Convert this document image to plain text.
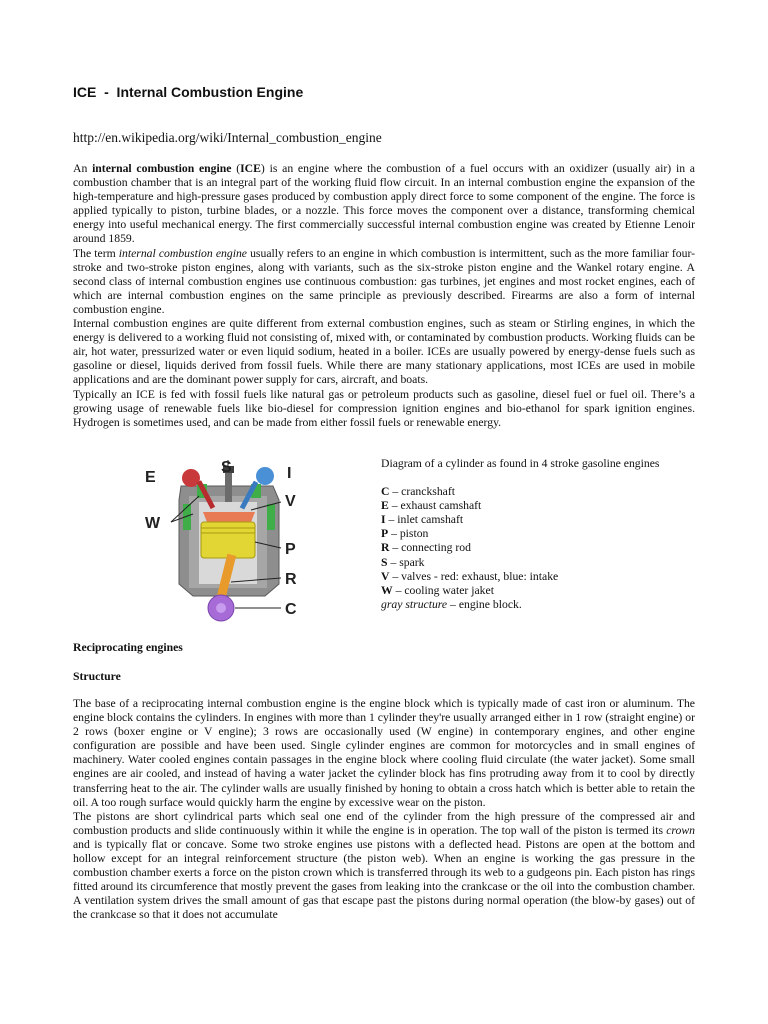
ICE  -  Internal Combustion Engine
http://en.wikipedia.org/wiki/Internal_combustion_engine

An internal combustion engine (ICE) is an engine where the combustion of a fuel occurs with an oxidizer (usually air) in a combustion chamber that is an integral part of the working fluid flow circuit. In an internal combustion engine the expansion of the high-temperature and high-pressure gases produced by combustion apply direct force to some component of the engine. The force is applied typically to piston, turbine blades, or a nozzle. This force moves the component over a distance, transforming chemical energy into useful mechanical energy. The first commercially successful internal combustion engine was created by Etienne Lenoir around 1859.

The term internal combustion engine usually refers to an engine in which combustion is intermittent, such as the more familiar four-stroke and two-stroke piston engines, along with variants, such as the six-stroke piston engine and the Wankel rotary engine. A second class of internal combustion engines use continuous combustion: gas turbines, jet engines and most rocket engines, each of which are internal combustion engines on the same principle as previously described. Firearms are also a form of internal combustion engine.

Internal combustion engines are quite different from external combustion engines, such as steam or Stirling engines, in which the energy is delivered to a working fluid not consisting of, mixed with, or contaminated by combustion products. Working fluids can be air, hot water, pressurized water or even liquid sodium, heated in a boiler. ICEs are usually powered by energy-dense fuels such as gasoline or diesel, liquids derived from fossil fuels. While there are many stationary applications, most ICEs are used in mobile applications and are the dominant power supply for cars, aircraft, and boats.

Typically an ICE is fed with fossil fuels like natural gas or petroleum products such as gasoline, diesel fuel or fuel oil. There’s a growing usage of renewable fuels like bio-diesel for compression ignition engines and bio-ethanol for spark ignition engines. Hydrogen is sometimes used, and can be made from either fossil fuels or renewable energy.

E
S	I
V
W
P
R
C

Diagram of a cylinder as found in 4 stroke gasoline engines

C – cranckshaft
E – exhaust camshaft
I – inlet camshaft
P – piston
R – connecting rod
S – spark
V – valves - red: exhaust, blue: intake
W – cooling water jaket
gray structure – engine block.
Reciprocating engines
Structure

The base of a reciprocating internal combustion engine is the engine block which is typically made of cast iron or aluminum. The engine block contains the cylinders. In engines with more than 1 cylinder they're usually arranged either in 1 row (straight engine) or 2 rows (boxer engine or V engine); 3 rows are occasionally used (W engine) in contemporary engines, and other engine configuration are possible and have been used. Single cylinder engines are common for motorcycles and in small engines of machinery. Water cooled engines contain passages in the engine block where cooling fluid circulate (the water jacket). Some small engines are air cooled, and instead of having a water jacket the cylinder block has fins protruding away from it to cool by directly transferring heat to the air. The cylinder walls are usually finished by honing to obtain a cross hatch which is better able to retain the oil. A too rough surface would quickly harm the engine by excessive wear on the piston.

The pistons are short cylindrical parts which seal one end of the cylinder from the high pressure of the compressed air and combustion products and slide continuously within it while the engine is in operation. The top wall of the piston is termed its crown and is typically flat or concave. Some two stroke engines use pistons with a deflected head. Pistons are open at the bottom and hollow except for an integral reinforcement structure (the piston web). When an engine is working the gas pressure in the combustion chamber exerts a force on the piston crown which is transferred through its web to a gudgeons pin. Each piston has rings fitted around its circumference that mostly prevent the gases from leaking into the crankcase or the oil into the combustion chamber. A ventilation system drives the small amount of gas that escape past the pistons during normal operation (the blow-by gases) out of the crankcase so that it does not accumulate
